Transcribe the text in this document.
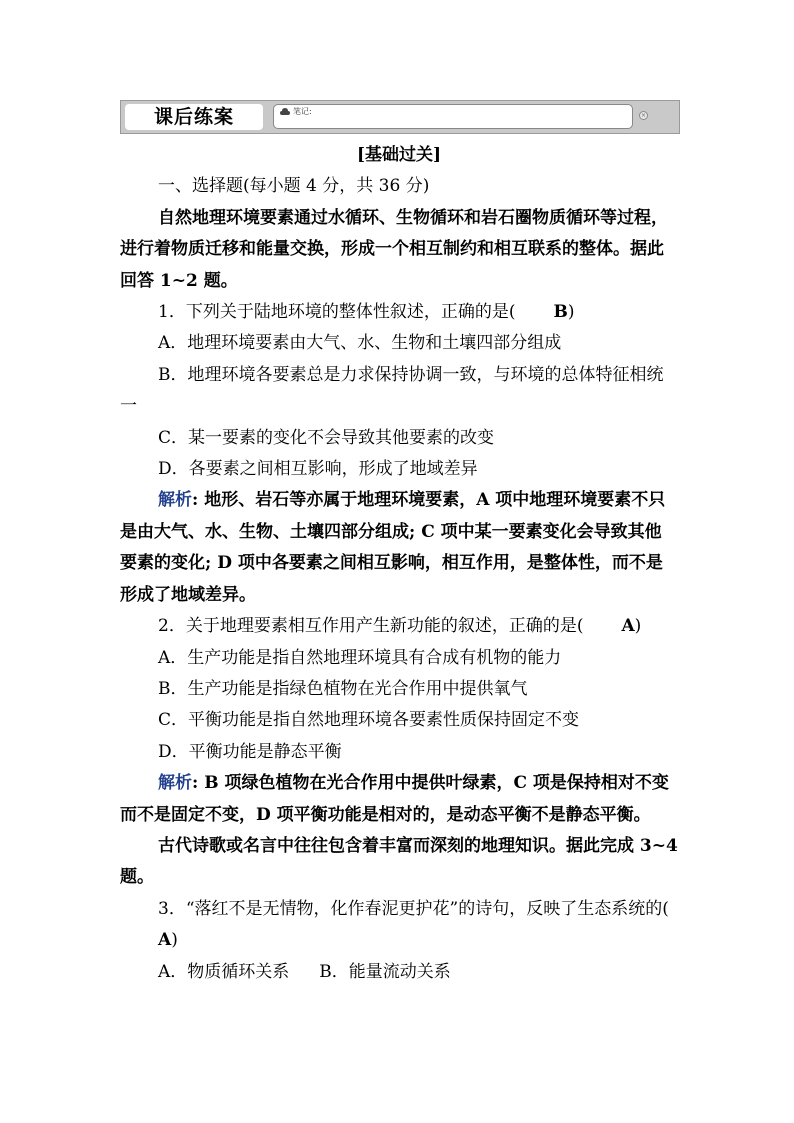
课后练案	笔记:	×

[基础过关]

一、选择题(每小题 4 分，共 36 分)

自然地理环境要素通过水循环、生物循环和岩石圈物质循环等过程，进行着物质迁移和能量交换，形成一个相互制约和相互联系的整体。据此回答 1~2 题。

1．下列关于陆地环境的整体性叙述，正确的是( B)

A．地理环境要素由大气、水、生物和土壤四部分组成

B．地理环境各要素总是力求保持协调一致，与环境的总体特征相统一

C．某一要素的变化不会导致其他要素的改变

D．各要素之间相互影响，形成了地域差异

解析: 地形、岩石等亦属于地理环境要素，A 项中地理环境要素不只是由大气、水、生物、土壤四部分组成; C 项中某一要素变化会导致其他要素的变化; D 项中各要素之间相互影响，相互作用，是整体性，而不是形成了地域差异。

2．关于地理要素相互作用产生新功能的叙述，正确的是( A)

A．生产功能是指自然地理环境具有合成有机物的能力

B．生产功能是指绿色植物在光合作用中提供氧气

C．平衡功能是指自然地理环境各要素性质保持固定不变

D．平衡功能是静态平衡

解析: B 项绿色植物在光合作用中提供叶绿素，C 项是保持相对不变而不是固定不变，D 项平衡功能是相对的，是动态平衡不是静态平衡。

古代诗歌或名言中往往包含着丰富而深刻的地理知识。据此完成 3~4 题。

3．“落红不是无情物，化作春泥更护花”的诗句，反映了生态系统的(A)

A．物质循环关系 B．能量流动关系
